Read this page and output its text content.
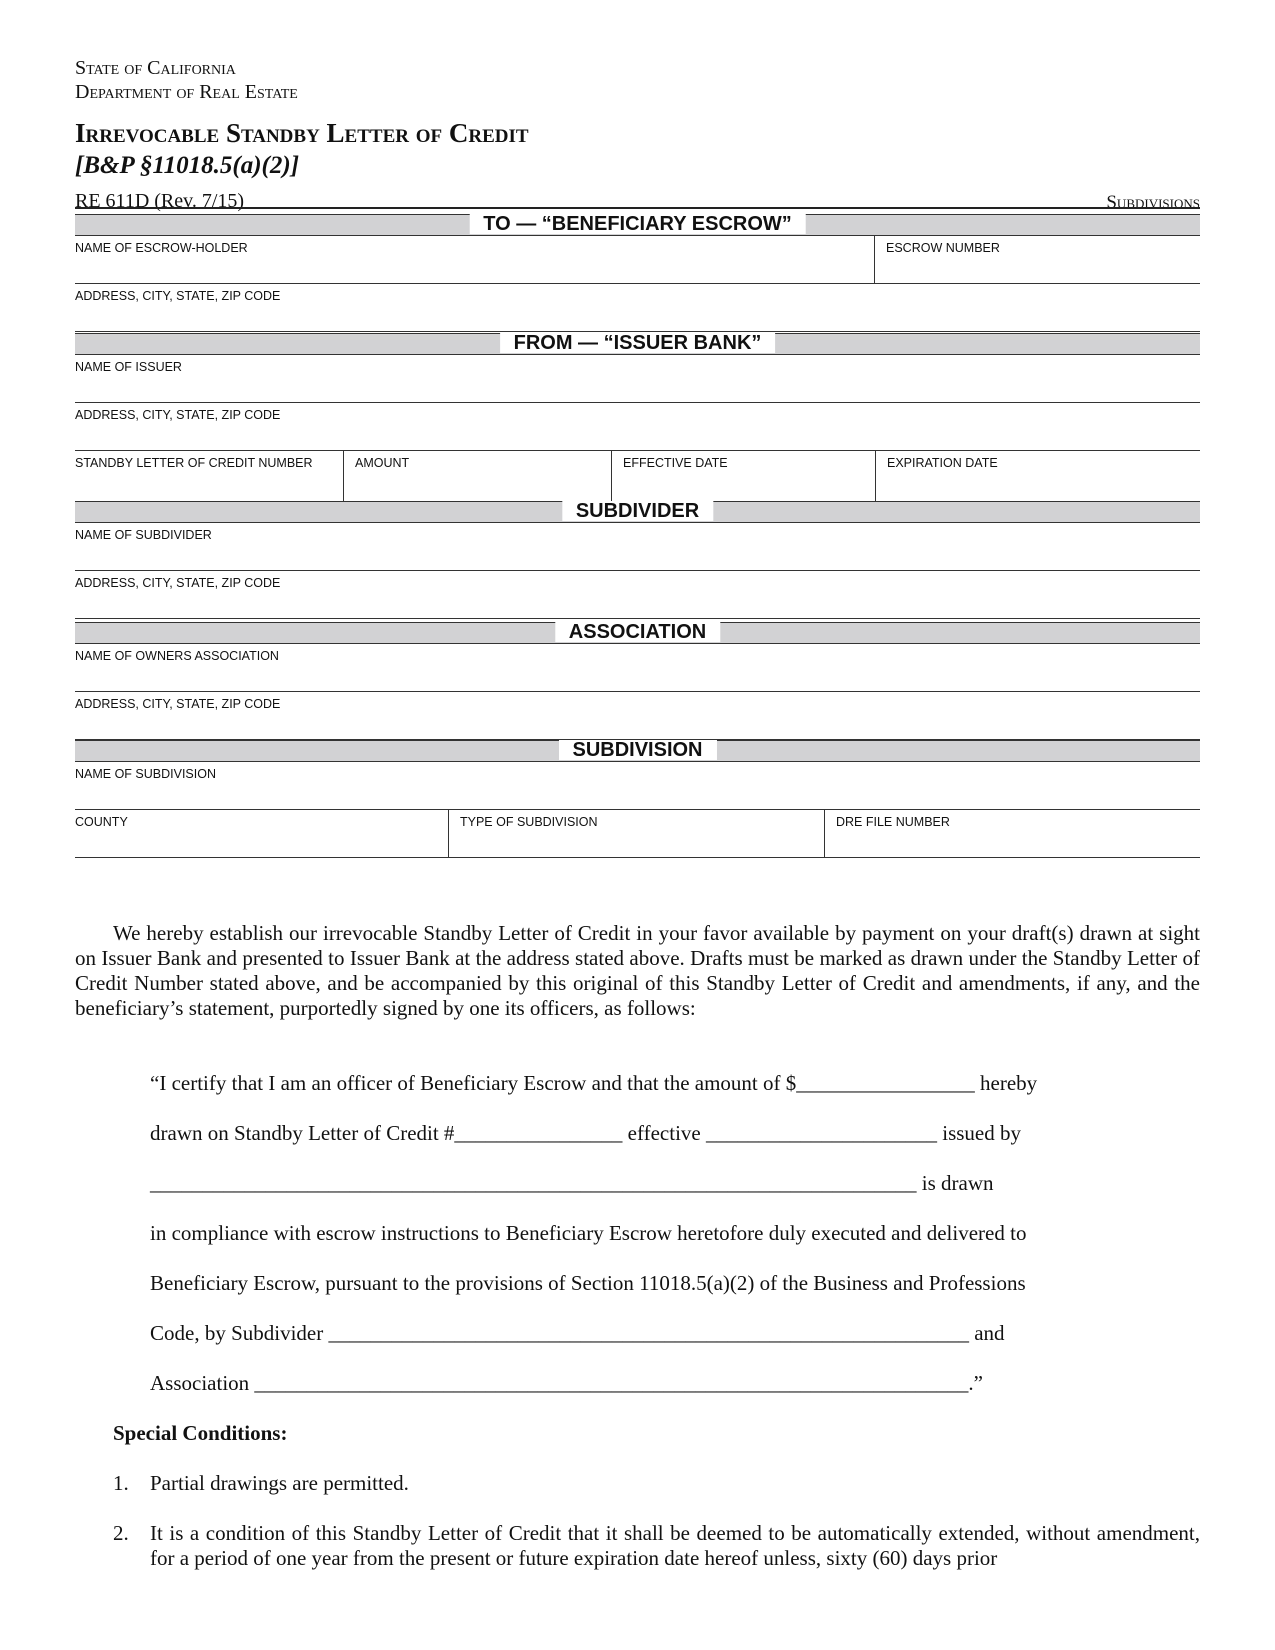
State of California
Department of Real Estate
Irrevocable Standby Letter of Credit
[B&P §11018.5(a)(2)]
RE 611D (Rev. 7/15)	Subdivisions
TO — “BENEFICIARY ESCROW”
NAME OF ESCROW-HOLDER	ESCROW NUMBER
ADDRESS, CITY, STATE, ZIP CODE
FROM — “ISSUER BANK”
NAME OF ISSUER
ADDRESS, CITY, STATE, ZIP CODE
STANDBY LETTER OF CREDIT NUMBER	AMOUNT	EFFECTIVE DATE	EXPIRATION DATE
SUBDIVIDER
NAME OF SUBDIVIDER
ADDRESS, CITY, STATE, ZIP CODE
ASSOCIATION
NAME OF OWNERS ASSOCIATION
ADDRESS, CITY, STATE, ZIP CODE
SUBDIVISION
NAME OF SUBDIVISION
COUNTY	TYPE OF SUBDIVISION	DRE FILE NUMBER
We hereby establish our irrevocable Standby Letter of Credit in your favor available by payment on your draft(s) drawn at sight on Issuer Bank and presented to Issuer Bank at the address stated above. Drafts must be marked as drawn under the Standby Letter of Credit Number stated above, and be accompanied by this original of this Standby Letter of Credit and amendments, if any, and the beneficiary’s statement, purportedly signed by one its officers, as follows:
“I certify that I am an officer of Beneficiary Escrow and that the amount of $_________________ hereby
drawn on Standby Letter of Credit #________________ effective ______________________ issued by
_________________________________________________________________________ is drawn
in compliance with escrow instructions to Beneficiary Escrow heretofore duly executed and delivered to
Beneficiary Escrow, pursuant to the provisions of Section 11018.5(a)(2) of the Business and Professions
Code, by Subdivider _____________________________________________________________ and
Association ____________________________________________________________________.”
Special Conditions:
1. Partial drawings are permitted.
2. It is a condition of this Standby Letter of Credit that it shall be deemed to be automatically extended, without amendment, for a period of one year from the present or future expiration date hereof unless, sixty (60) days prior
